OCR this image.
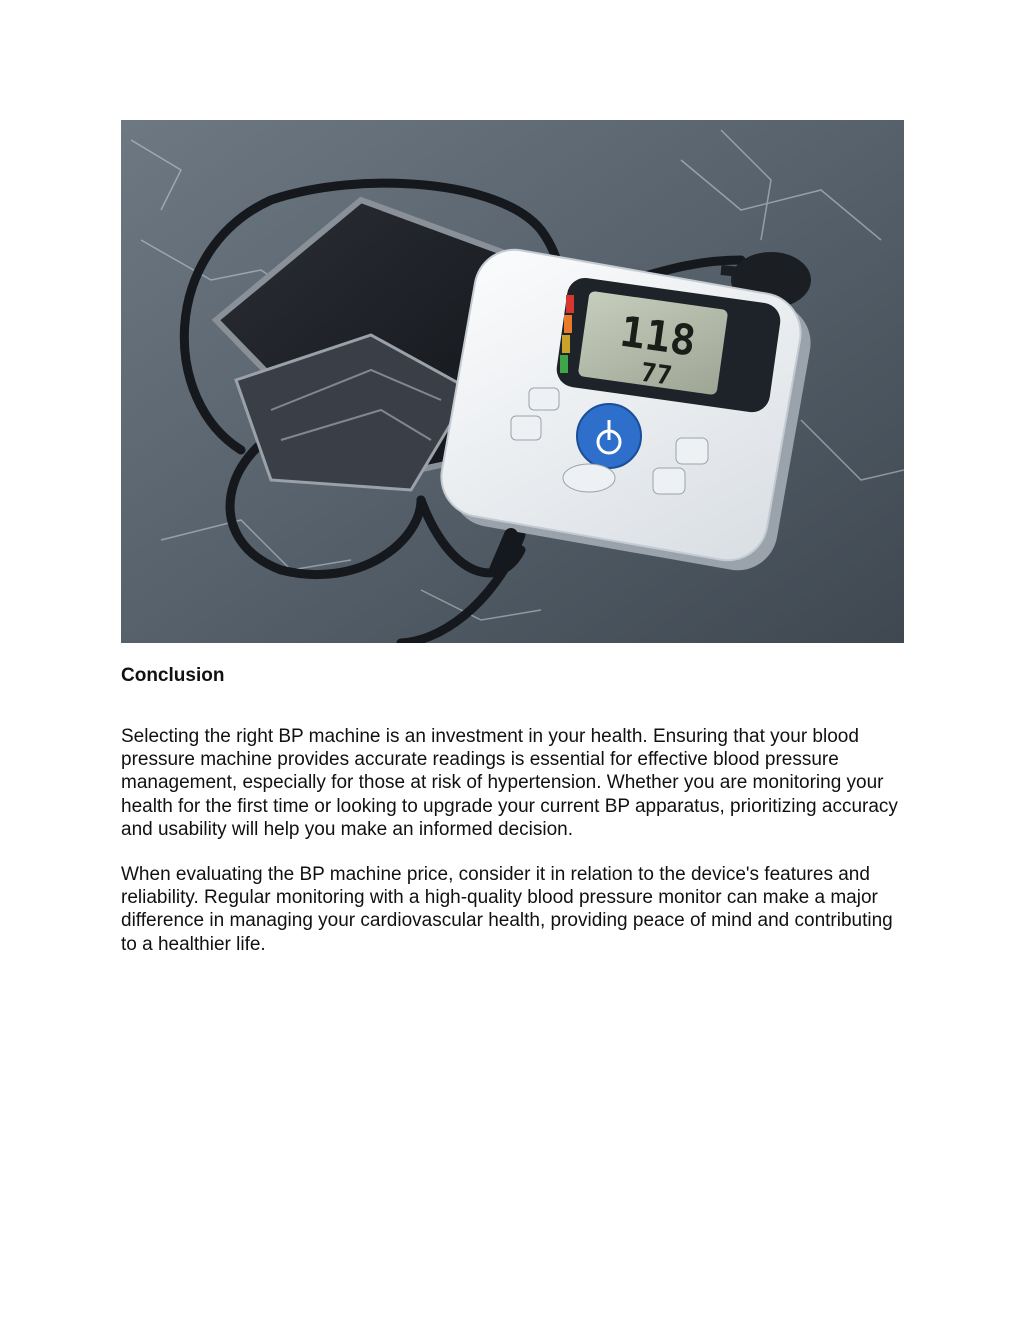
118
77
Conclusion

Selecting the right BP machine is an investment in your health. Ensuring that your blood pressure machine provides accurate readings is essential for effective blood pressure management, especially for those at risk of hypertension. Whether you are monitoring your health for the first time or looking to upgrade your current BP apparatus, prioritizing accuracy and usability will help you make an informed decision.

When evaluating the BP machine price, consider it in relation to the device's features and reliability. Regular monitoring with a high-quality blood pressure monitor can make a major difference in managing your cardiovascular health, providing peace of mind and contributing to a healthier life.
